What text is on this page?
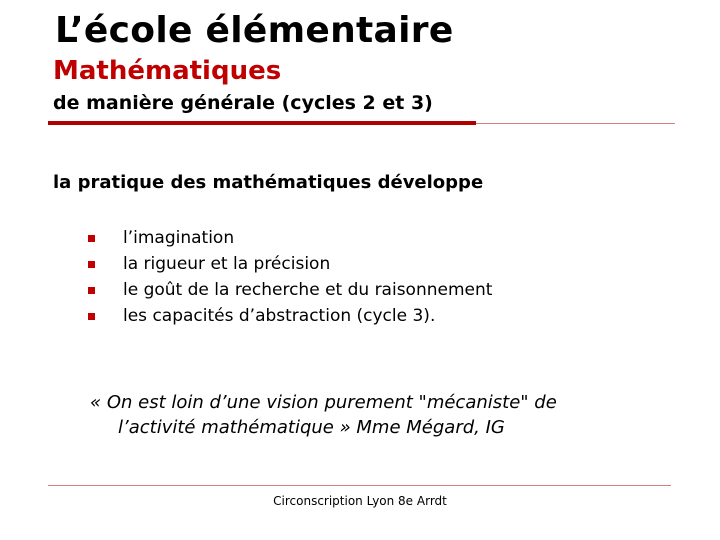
L’école élémentaire
Mathématiques
de manière générale (cycles 2 et 3)
la pratique des mathématiques développe
l’imagination
la rigueur et la précision
le goût de la recherche et du raisonnement
les capacités d’abstraction (cycle 3).
« On est loin d’une vision purement "mécaniste" de
l’activité mathématique » Mme Mégard, IG
Circonscription Lyon 8e Arrdt
